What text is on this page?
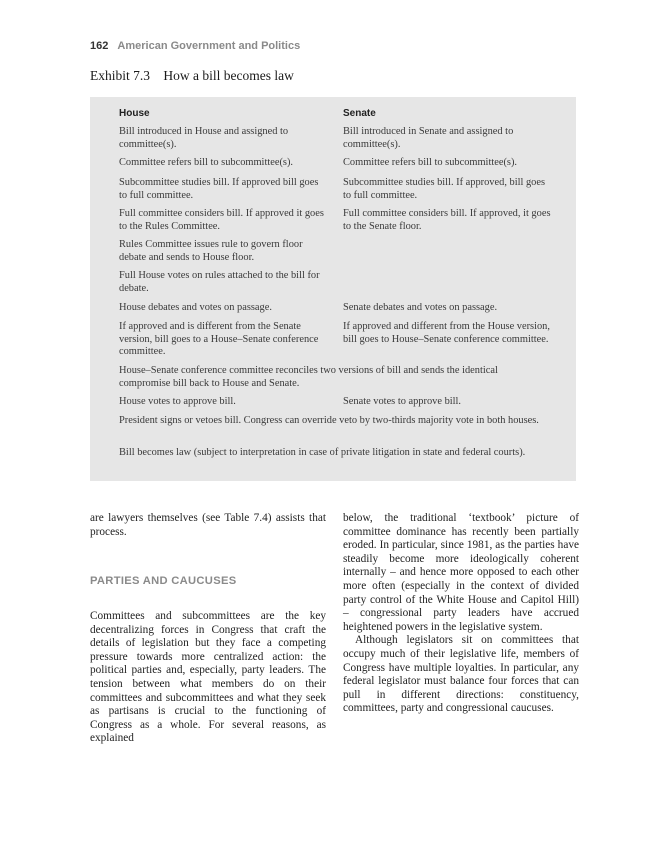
162 American Government and Politics
Exhibit 7.3 How a bill becomes law
House	Senate
Bill introduced in House and assigned to committee(s).
Committee refers bill to subcommittee(s).
Subcommittee studies bill. If approved bill goes to full committee.
Full committee considers bill. If approved it goes to the Rules Committee.
Rules Committee issues rule to govern floor debate and sends to House floor.
Full House votes on rules attached to the bill for debate.
House debates and votes on passage.
If approved and is different from the Senate version, bill goes to a House–Senate conference committee.
Bill introduced in Senate and assigned to committee(s).
Committee refers bill to subcommittee(s).
Subcommittee studies bill. If approved, bill goes to full committee.
Full committee considers bill. If approved, it goes to the Senate floor.
Senate debates and votes on passage.
If approved and different from the House version, bill goes to House–Senate conference committee.
House–Senate conference committee reconciles two versions of bill and sends the identical compromise bill back to House and Senate.
House votes to approve bill.	Senate votes to approve bill.
President signs or vetoes bill. Congress can override veto by two-thirds majority vote in both houses.
Bill becomes law (subject to interpretation in case of private litigation in state and federal courts).

are lawyers themselves (see Table 7.4) assists that process.

PARTIES AND CAUCUSES

Committees and subcommittees are the key decentralizing forces in Congress that craft the details of legislation but they face a competing pressure towards more centralized action: the political parties and, especially, party leaders. The tension between what members do on their committees and subcommittees and what they seek as partisans is crucial to the functioning of Congress as a whole. For several reasons, as explained

below, the traditional ‘textbook’ picture of committee dominance has recently been partially eroded. In particular, since 1981, as the parties have steadily become more ideologically coherent internally – and hence more opposed to each other more often (especially in the context of divided party control of the White House and Capitol Hill) – congressional party leaders have accrued heightened powers in the legislative system.

Although legislators sit on committees that occupy much of their legislative life, members of Congress have multiple loyalties. In particular, any federal legislator must balance four forces that can pull in different directions: constituency, committees, party and congressional caucuses.
